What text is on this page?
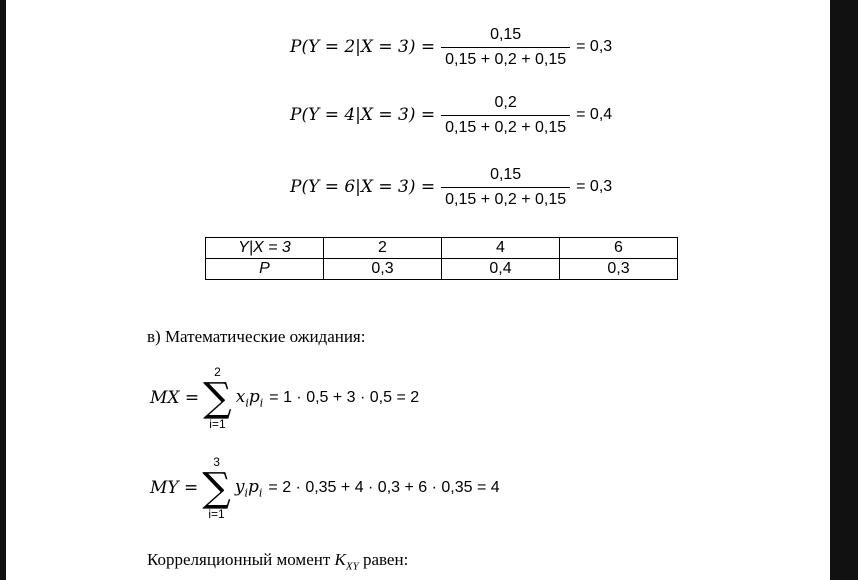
$P(Y = 2|X = 3) = \frac{0,15}{0,15 + 0,2 + 0,15} = 0,3$
$P(Y = 4|X = 3) = \frac{0,2}{0,15 + 0,2 + 0,15} = 0,4$
$P(Y = 6|X = 3) = \frac{0,15}{0,15 + 0,2 + 0,15} = 0,3$
Y|X = 3	2	4	6
P	0,3	0,4	0,3
в) Математические ожидания:
MX =
2
∑
i=1
$x_ip_i = 1 \cdot 0,5 + 3 \cdot 0,5 = 2$
MY =
3
∑
i=1
$y_ip_i = 2 \cdot 0,35 + 4 \cdot 0,3 + 6 \cdot 0,35 = 4$
Корреляционный момент $K_{XY}$ равен:
